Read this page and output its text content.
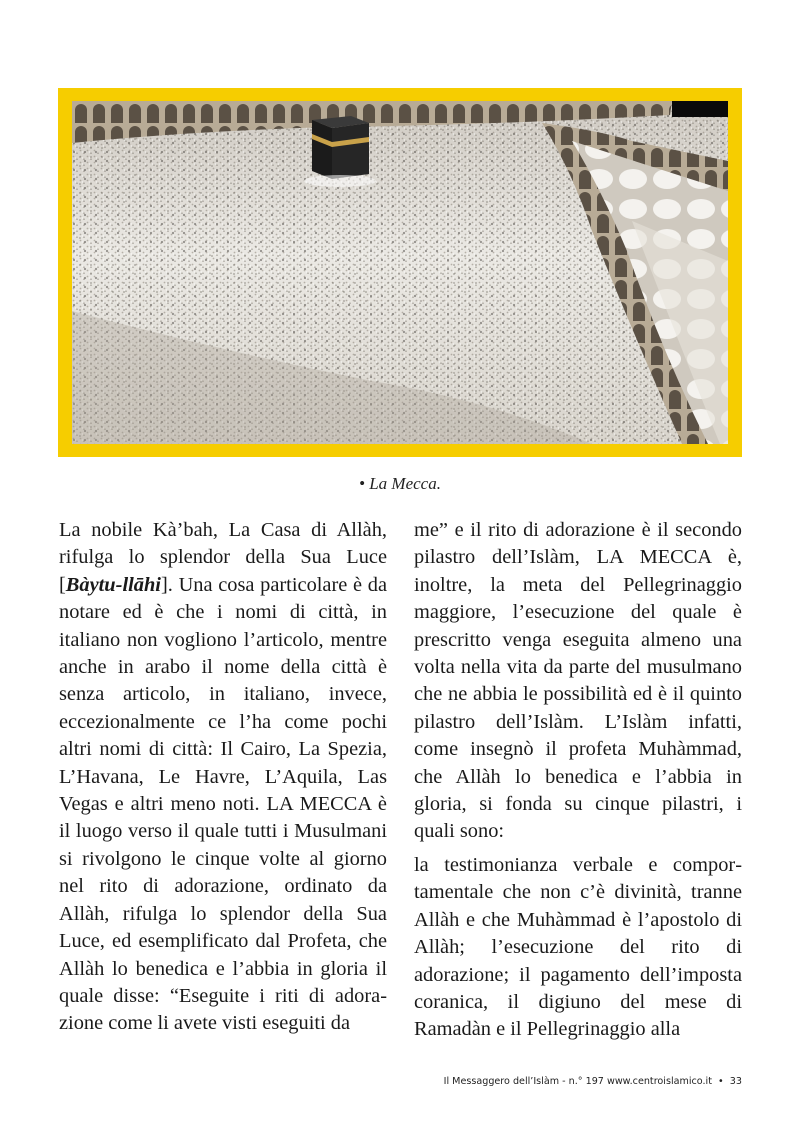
• La Mecca.

La nobile Kà’bah, La Casa di Allàh, rifulga lo splendor della Sua Luce [Bàytu-llāhi]. Una cosa particolare è da notare ed è che i nomi di città, in italiano non vogliono l’articolo, mentre anche in arabo il nome della città è senza articolo, in italiano, invece, eccezionalmente ce l’ha come pochi altri nomi di città: Il Cairo, La Spezia, L’Havana, Le Havre, L’Aquila, Las Vegas e altri meno noti. LA MECCA è il luogo verso il quale tutti i Musulmani si rivolgono le cinque volte al giorno nel rito di adorazione, ordinato da Allàh, rifulga lo splendor della Sua Luce, ed esemplificato dal Profeta, che Allàh lo benedica e l’abbia in gloria il quale disse: “Eseguite i riti di adorazione come li avete visti eseguiti da

me” e il rito di adorazione è il secondo pilastro dell’Islàm, LA MECCA è, inoltre, la meta del Pellegrinaggio maggiore, l’esecuzione del quale è prescritto venga eseguita almeno una volta nella vita da parte del musulmano che ne abbia le possibilità ed è il quinto pilastro dell’Islàm. L’Islàm infatti, come insegnò il profeta Muhàmmad, che Allàh lo benedica e l’abbia in gloria, si fonda su cinque pilastri, i quali sono:

la testimonianza verbale e comportamentale che non c’è divinità, tranne Allàh e che Muhàmmad è l’apostolo di Allàh; l’esecuzione del rito di adorazione; il pagamento dell’imposta coranica, il digiuno del mese di Ramadàn e il Pellegrinaggio alla

Il Messaggero dell’Islàm - n.° 197 www.centroislamico.it • 33
